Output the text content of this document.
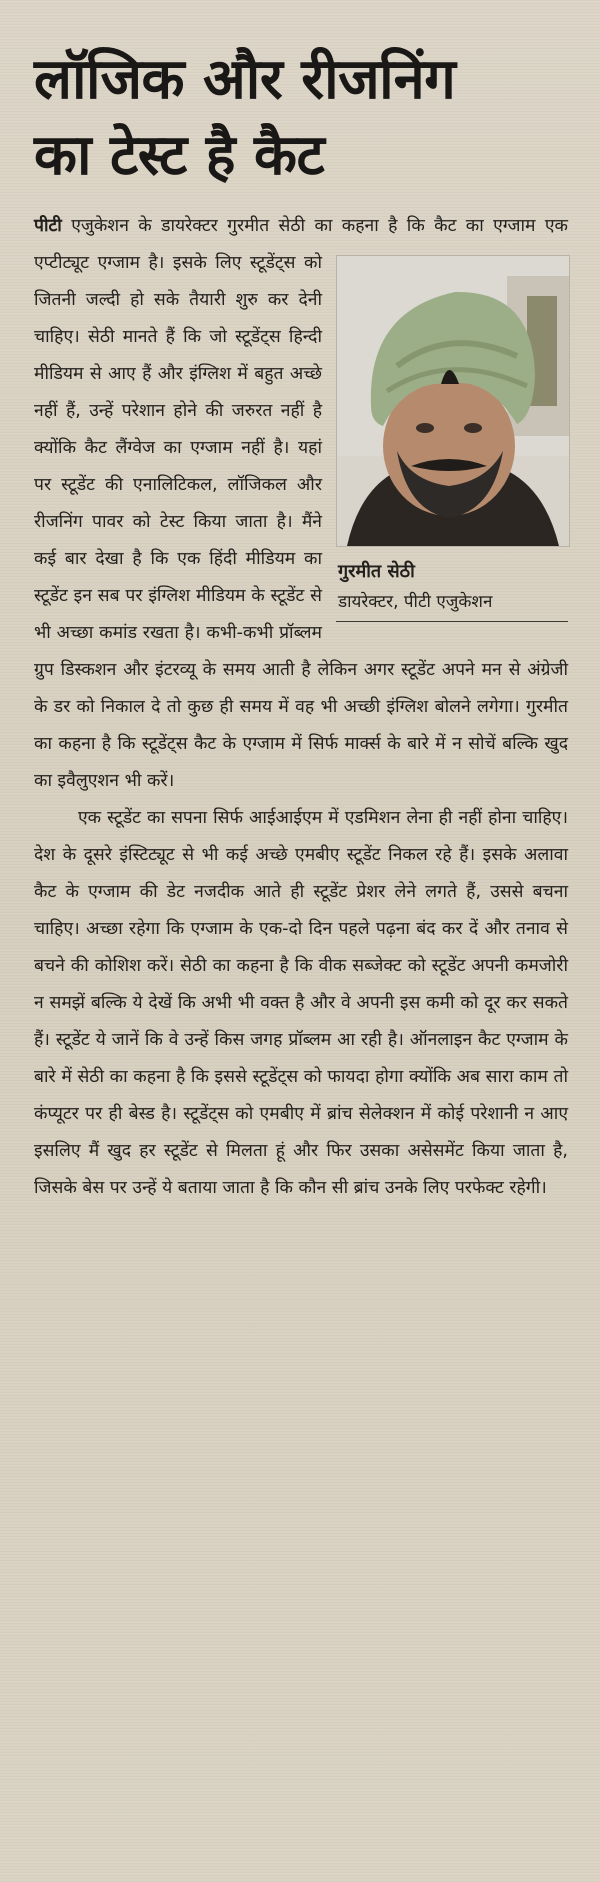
लॉजिक और रीजनिंग
का टेस्ट है कैट

पीटी एजुकेशन के डायरेक्टर गुरमीत सेठी का कहना है कि कैट का एग्जाम एक एप्टीट्यूट एग्जाम है।
गुरमीत सेठी
डायरेक्टर, पीटी एजुकेशन
इसके लिए स्टूडेंट्स को जितनी जल्दी हो सके तैयारी शुरु कर देनी चाहिए। सेठी मानते हैं कि जो स्टूडेंट्स हिन्दी मीडियम से आए हैं और इंग्लिश में बहुत अच्छे नहीं हैं, उन्हें परेशान होने की जरुरत नहीं है क्योंकि कैट लैंग्वेज का एग्जाम नहीं है। यहां पर स्टूडेंट की एनालिटिकल, लॉजिकल और रीजनिंग पावर को टेस्ट किया जाता है। मैंने कई बार देखा है कि एक हिंदी मीडियम का स्टूडेंट इन सब पर इंग्लिश मीडियम के स्टूडेंट से भी अच्छा कमांड रखता है। कभी-कभी प्रॉब्लम ग्रुप डिस्कशन और इंटरव्यू के समय आती है लेकिन अगर स्टूडेंट अपने मन से अंग्रेजी के डर को निकाल दे तो कुछ ही समय में वह भी अच्छी इंग्लिश बोलने लगेगा। गुरमीत का कहना है कि स्टूडेंट्स कैट के एग्जाम में सिर्फ मार्क्स के बारे में न सोचें बल्कि खुद का इवैलुएशन भी करें।

एक स्टूडेंट का सपना सिर्फ आईआईएम में एडमिशन लेना ही नहीं होना चाहिए। देश के दूसरे इंस्टिट्यूट से भी कई अच्छे एमबीए स्टूडेंट निकल रहे हैं। इसके अलावा कैट के एग्जाम की डेट नजदीक आते ही स्टूडेंट प्रेशर लेने लगते हैं, उससे बचना चाहिए। अच्छा रहेगा कि एग्जाम के एक-दो दिन पहले पढ़ना बंद कर दें और तनाव से बचने की कोशिश करें। सेठी का कहना है कि वीक सब्जेक्ट को स्टूडेंट अपनी कमजोरी न समझें बल्कि ये देखें कि अभी भी वक्त है और वे अपनी इस कमी को दूर कर सकते हैं। स्टूडेंट ये जानें कि वे उन्हें किस जगह प्रॉब्लम आ रही है। ऑनलाइन कैट एग्जाम के बारे में सेठी का कहना है कि इससे स्टूडेंट्स को फायदा होगा क्योंकि अब सारा काम तो कंप्यूटर पर ही बेस्ड है। स्टूडेंट्स को एमबीए में ब्रांच सेलेक्शन में कोई परेशानी न आए इसलिए मैं खुद हर स्टूडेंट से मिलता हूं और फिर उसका असेसमेंट किया जाता है, जिसके बेस पर उन्हें ये बताया जाता है कि कौन सी ब्रांच उनके लिए परफेक्ट रहेगी।
